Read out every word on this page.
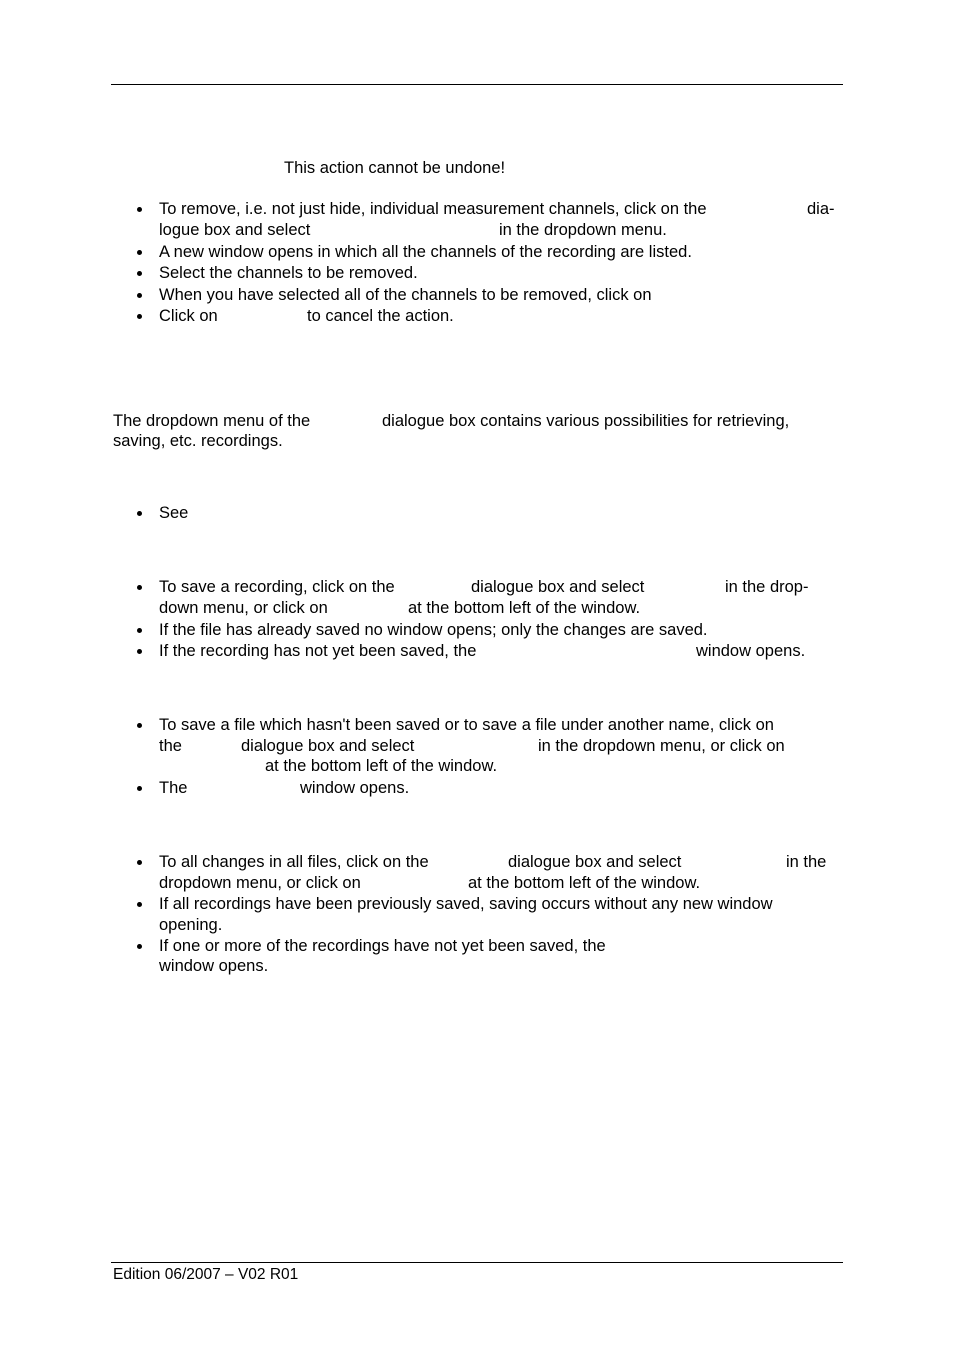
This action cannot be undone!
To remove, i.e. not just hide, individual measurement channels, click on the	dia-
logue box and select	in the dropdown menu.
A new window opens in which all the channels of the recording are listed.
Select the channels to be removed.
When you have selected all of the channels to be removed, click on
Click on	to cancel the action.
The dropdown menu of the	dialogue box contains various possibilities for retrieving,
saving, etc. recordings.
See
To save a recording, click on the	dialogue box and select	in the drop-
down menu, or click on	at the bottom left of the window.
If the file has already saved no window opens; only the changes are saved.
If the recording has not yet been saved, the	window opens.
To save a file which hasn't been saved or to save a file under another name, click on
the	dialogue box and select	in the dropdown menu, or click on
at the bottom left of the window.
The	window opens.
To all changes in all files, click on the	dialogue box and select	in the
dropdown menu, or click on	at the bottom left of the window.
If all recordings have been previously saved, saving occurs without any new window
opening.
If one or more of the recordings have not yet been saved, the
window opens.
Edition 06/2007 – V02 R01
